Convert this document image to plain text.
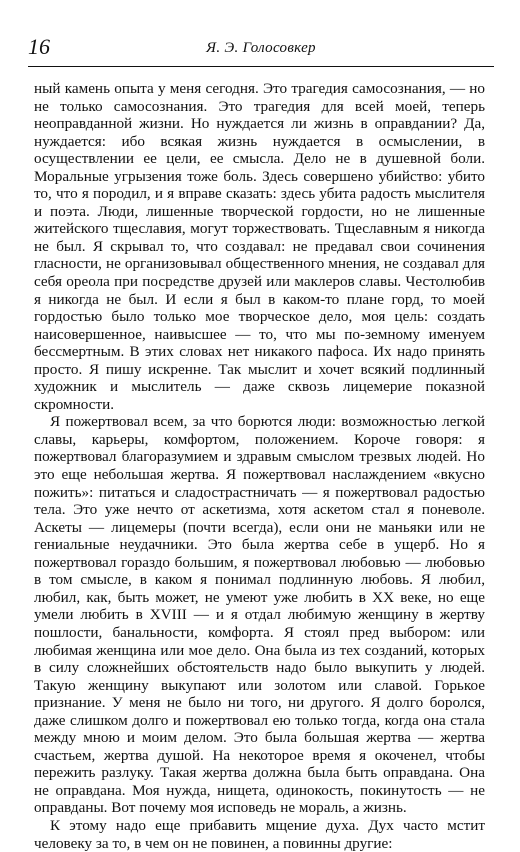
16	Я. Э. Голосовкер

ный камень опыта у меня сегодня. Это трагедия самосознания, — но не только самосознания. Это трагедия для всей моей, теперь неоправданной жизни. Но нуждается ли жизнь в оправдании? Да, нуждается: ибо всякая жизнь нуждается в осмыслении, в осуществлении ее цели, ее смысла. Дело не в душевной боли. Моральные угрызения тоже боль. Здесь совершено убийство: убито то, что я породил, и я вправе сказать: здесь убита радость мыслителя и поэта. Люди, лишенные творческой гордости, но не лишенные житейского тщеславия, могут торжествовать. Тщеславным я никогда не был. Я скрывал то, что создавал: не предавал свои сочинения гласности, не организовывал общественного мнения, не создавал для себя ореола при посредстве друзей или маклеров славы. Честолюбив я никогда не был. И если я был в каком-то плане горд, то моей гордостью было только мое творческое дело, моя цель: создать наисовершенное, наивысшее — то, что мы по-земному именуем бессмертным. В этих словах нет никакого пафоса. Их надо принять просто. Я пишу искренне. Так мыслит и хочет всякий подлинный художник и мыслитель — даже сквозь лицемерие показной скромности.

Я пожертвовал всем, за что борются люди: возможностью легкой славы, карьеры, комфортом, положением. Короче говоря: я пожертвовал благоразумием и здравым смыслом трезвых людей. Но это еще небольшая жертва. Я пожертвовал наслаждением «вкусно пожить»: питаться и сладострастничать — я пожертвовал радостью тела. Это уже нечто от аскетизма, хотя аскетом стал я поневоле. Аскеты — лицемеры (почти всегда), если они не маньяки или не гениальные неудачники. Это была жертва себе в ущерб. Но я пожертвовал гораздо большим, я пожертвовал любовью — любовью в том смысле, в каком я понимал подлинную любовь. Я любил, любил, как, быть может, не умеют уже любить в XX веке, но еще умели любить в XVIII — и я отдал любимую женщину в жертву пошлости, банальности, комфорта. Я стоял пред выбором: или любимая женщина или мое дело. Она была из тех созданий, которых в силу сложнейших обстоятельств надо было выкупить у людей. Такую женщину выкупают или золотом или славой. Горькое признание. У меня не было ни того, ни другого. Я долго боролся, даже слишком долго и пожертвовал ею только тогда, когда она стала между мною и моим делом. Это была большая жертва — жертва счастьем, жертва душой. На некоторое время я окоченел, чтобы пережить разлуку. Такая жертва должна была быть оправдана. Она не оправдана. Моя нужда, нищета, одинокость, покинутость — не оправданы. Вот почему моя исповедь не мораль, а жизнь.

К этому надо еще прибавить мщение духа. Дух часто мстит человеку за то, в чем он не повинен, а повинны другие:
